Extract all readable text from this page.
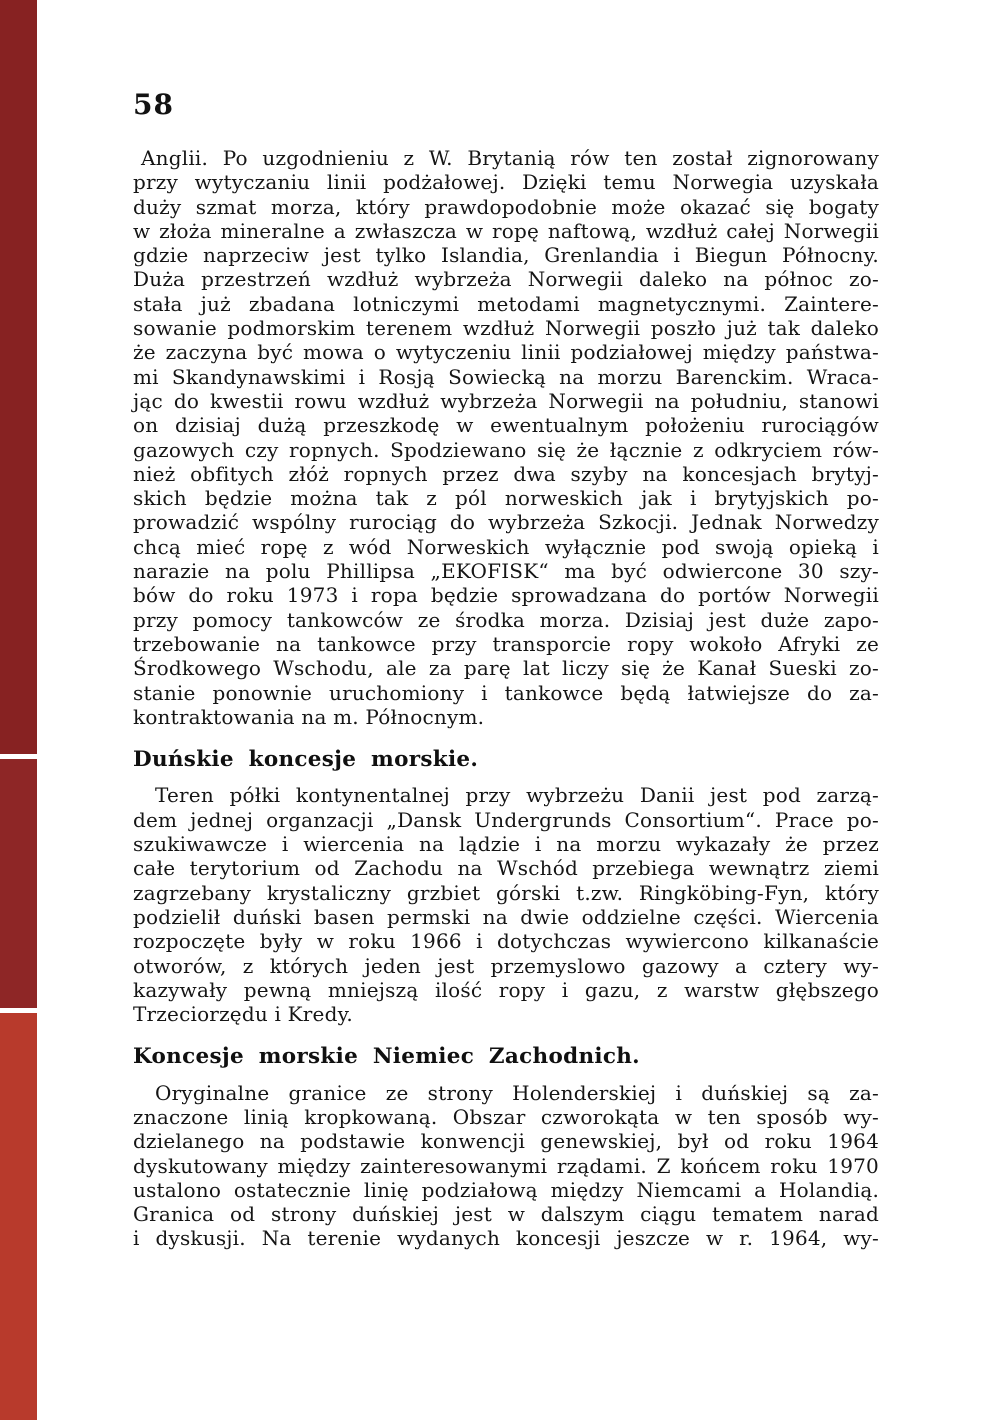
58
Anglii. Po uzgodnieniu z W. Brytanią rów ten został zignorowany
przy wytyczaniu linii podżałowej. Dzięki temu Norwegia uzyskała
duży szmat morza, który prawdopodobnie może okazać się bogaty
w złoża mineralne a zwłaszcza w ropę naftową, wzdłuż całej Norwegii
gdzie naprzeciw jest tylko Islandia, Grenlandia i Biegun Północny.
Duża przestrzeń wzdłuż wybrzeża Norwegii daleko na północ zo-
stała już zbadana lotniczymi metodami magnetycznymi. Zaintere-
sowanie podmorskim terenem wzdłuż Norwegii poszło już tak daleko
że zaczyna być mowa o wytyczeniu linii podziałowej między państwa-
mi Skandynawskimi i Rosją Sowiecką na morzu Barenckim. Wraca-
jąc do kwestii rowu wzdłuż wybrzeża Norwegii na południu, stanowi
on dzisiaj dużą przeszkodę w ewentualnym położeniu rurociągów
gazowych czy ropnych. Spodziewano się że łącznie z odkryciem rów-
nież obfitych złóż ropnych przez dwa szyby na koncesjach brytyj-
skich będzie można tak z pól norweskich jak i brytyjskich po-
prowadzić wspólny rurociąg do wybrzeża Szkocji. Jednak Norwedzy
chcą mieć ropę z wód Norweskich wyłącznie pod swoją opieką i
narazie na polu Phillipsa „EKOFISK“ ma być odwiercone 30 szy-
bów do roku 1973 i ropa będzie sprowadzana do portów Norwegii
przy pomocy tankowców ze środka morza. Dzisiaj jest duże zapo-
trzebowanie na tankowce przy transporcie ropy wokoło Afryki ze
Środkowego Wschodu, ale za parę lat liczy się że Kanał Sueski zo-
stanie ponownie uruchomiony i tankowce będą łatwiejsze do za-
kontraktowania na m. Północnym.
Duńskie koncesje morskie.
Teren półki kontynentalnej przy wybrzeżu Danii jest pod zarzą-
dem jednej organzacji „Dansk Undergrunds Consortium“. Prace po-
szukiwawcze i wiercenia na lądzie i na morzu wykazały że przez
całe terytorium od Zachodu na Wschód przebiega wewnątrz ziemi
zagrzebany krystaliczny grzbiet górski t.zw. Ringköbing-Fyn, który
podzielił duński basen permski na dwie oddzielne części. Wiercenia
rozpoczęte były w roku 1966 i dotychczas wywiercono kilkanaście
otworów, z których jeden jest przemyslowo gazowy a cztery wy-
kazywały pewną mniejszą ilość ropy i gazu, z warstw głębszego
Trzeciorzędu i Kredy.
Koncesje morskie Niemiec Zachodnich.
Oryginalne granice ze strony Holenderskiej i duńskiej są za-
znaczone linią kropkowaną. Obszar czworokąta w ten sposób wy-
dzielanego na podstawie konwencji genewskiej, był od roku 1964
dyskutowany między zainteresowanymi rządami. Z końcem roku 1970
ustalono ostatecznie linię podziałową między Niemcami a Holandią.
Granica od strony duńskiej jest w dalszym ciągu tematem narad
i dyskusji. Na terenie wydanych koncesji jeszcze w r. 1964, wy-
